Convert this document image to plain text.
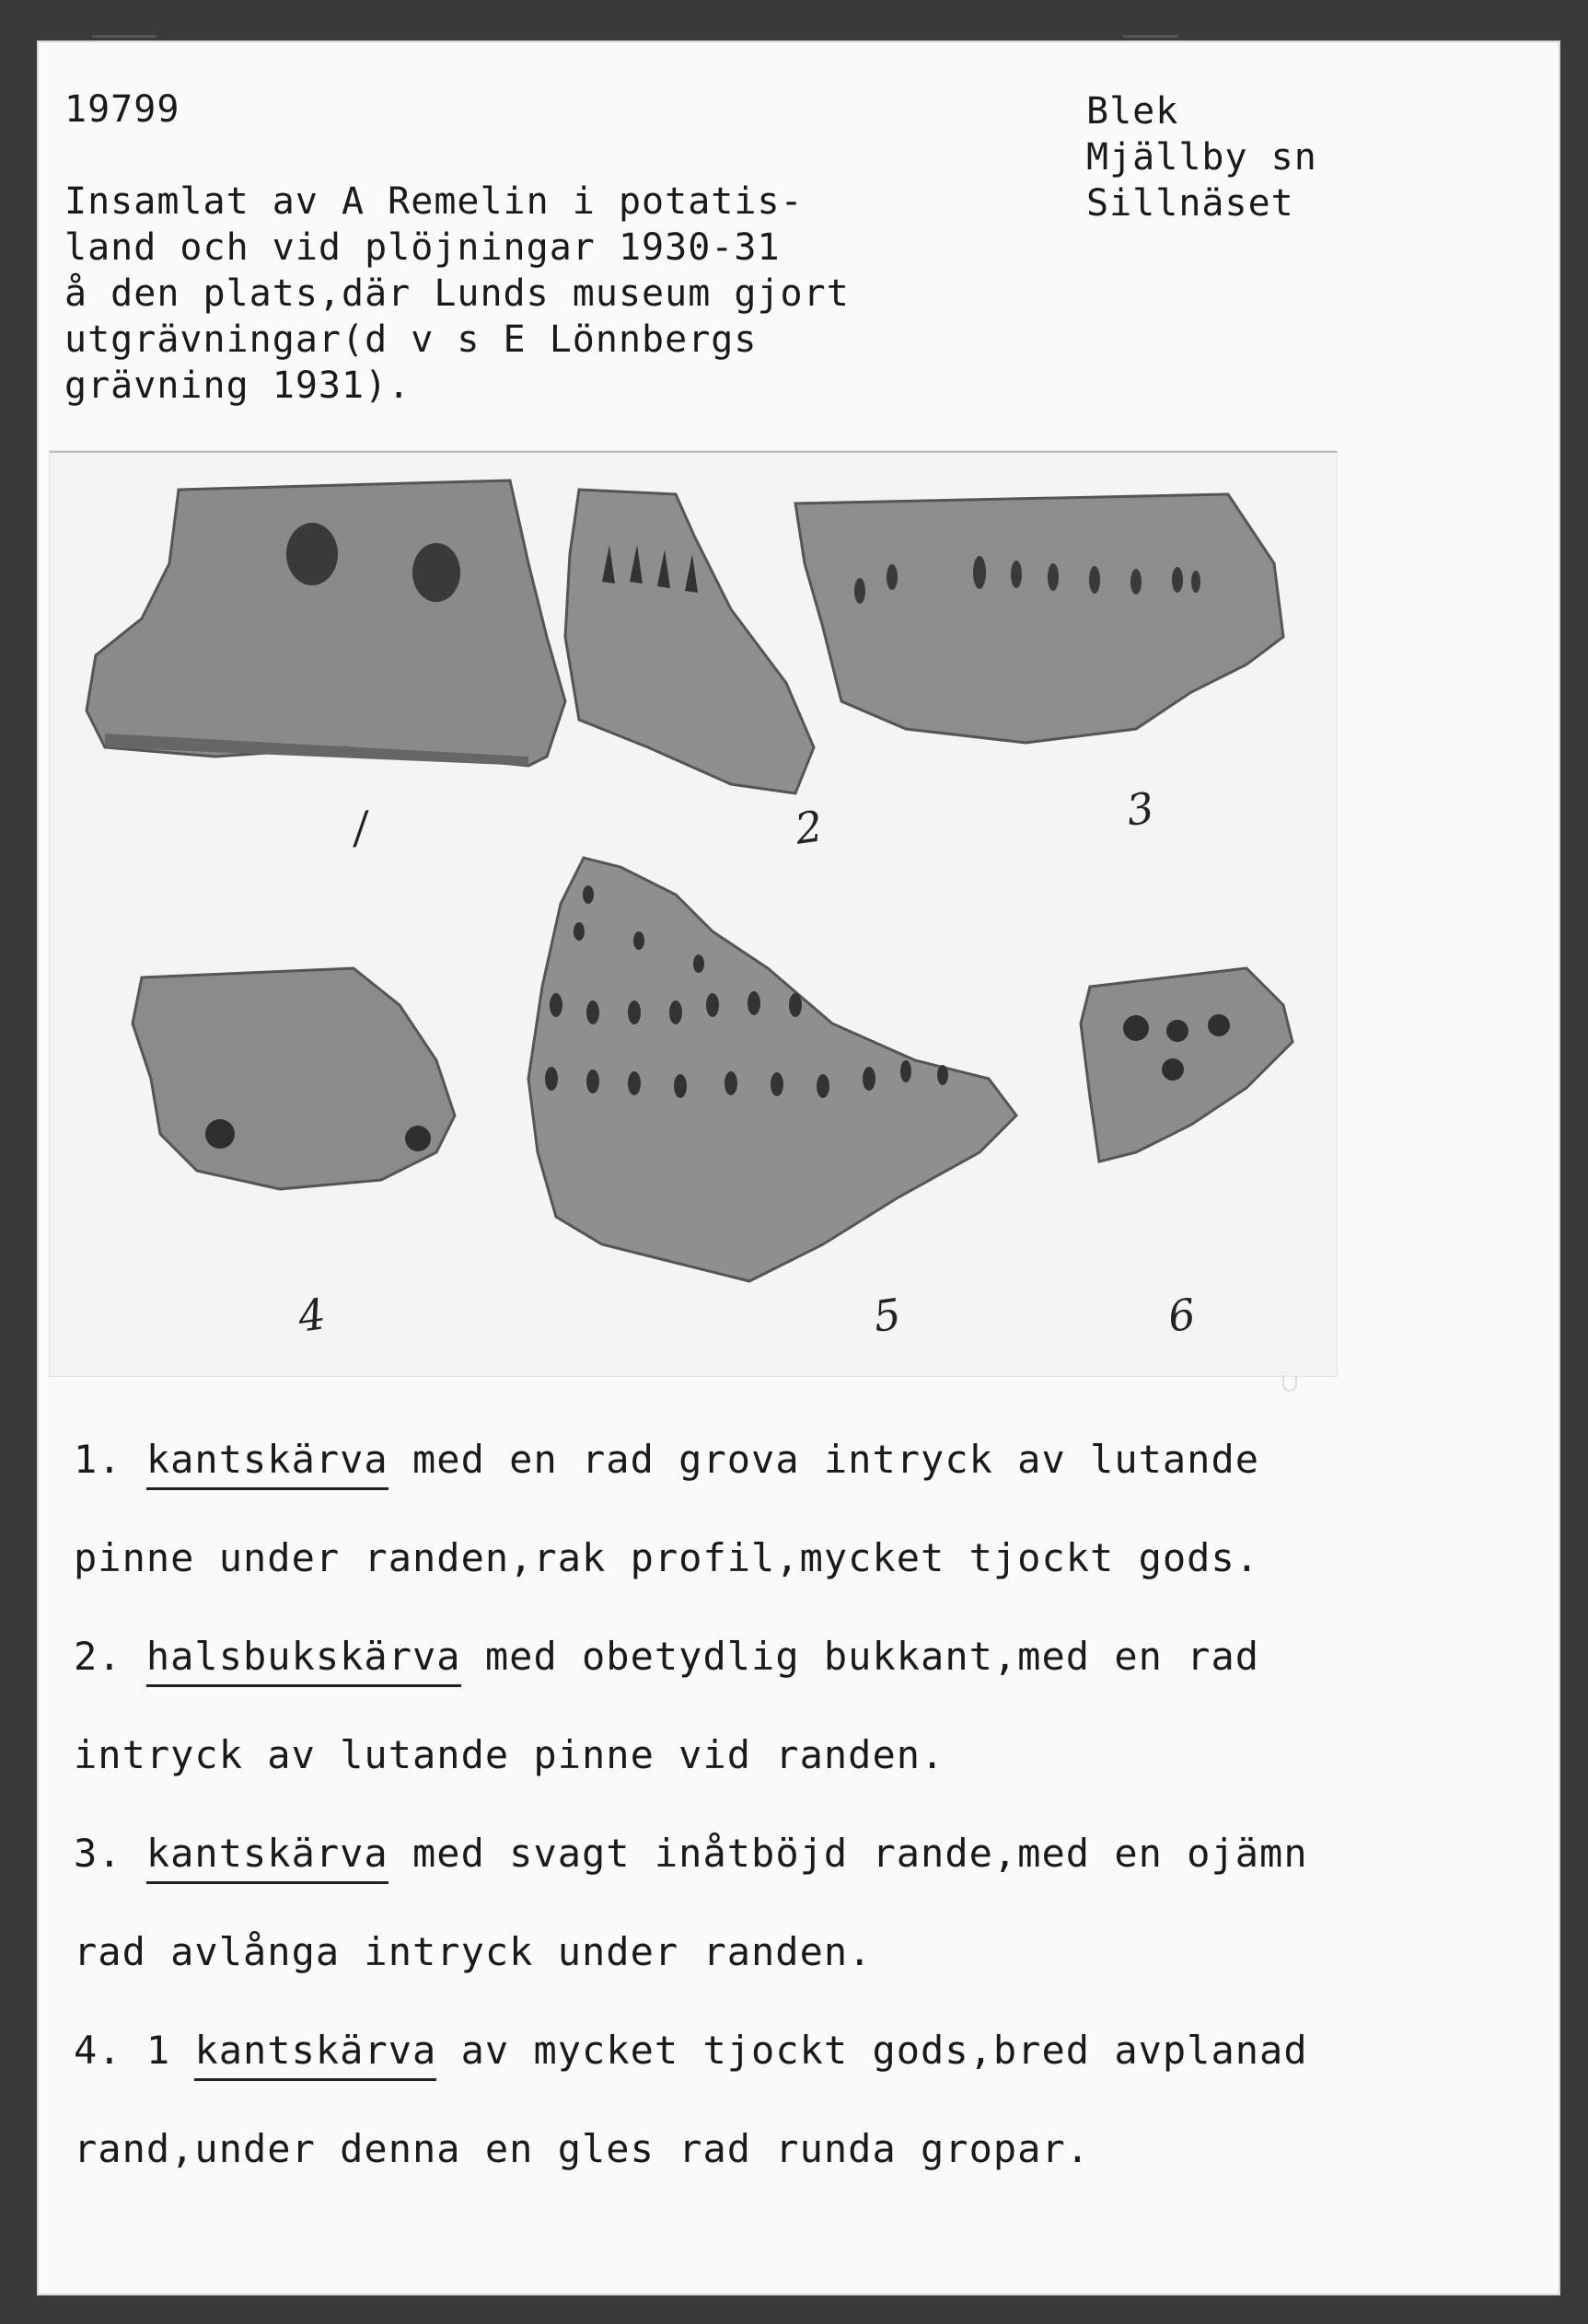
19799	Blek
Mjällby sn
Sillnäset
Insamlat av A Remelin i potatis-
land och vid plöjningar 1930-31
å den plats,där Lunds museum gjort
utgrävningar(d v s E Lönnbergs
grävning 1931).
/	2	3
4	5	6
1. kantskärva med en rad grova intryck av lutande
pinne under randen,rak profil,mycket tjockt gods.
2. halsbukskärva med obetydlig bukkant,med en rad
intryck av lutande pinne vid randen.
3. kantskärva med svagt inåtböjd rande,med en ojämn
rad avlånga intryck under randen.
4. 1 kantskärva av mycket tjockt gods,bred avplanad
rand,under denna en gles rad runda gropar.
